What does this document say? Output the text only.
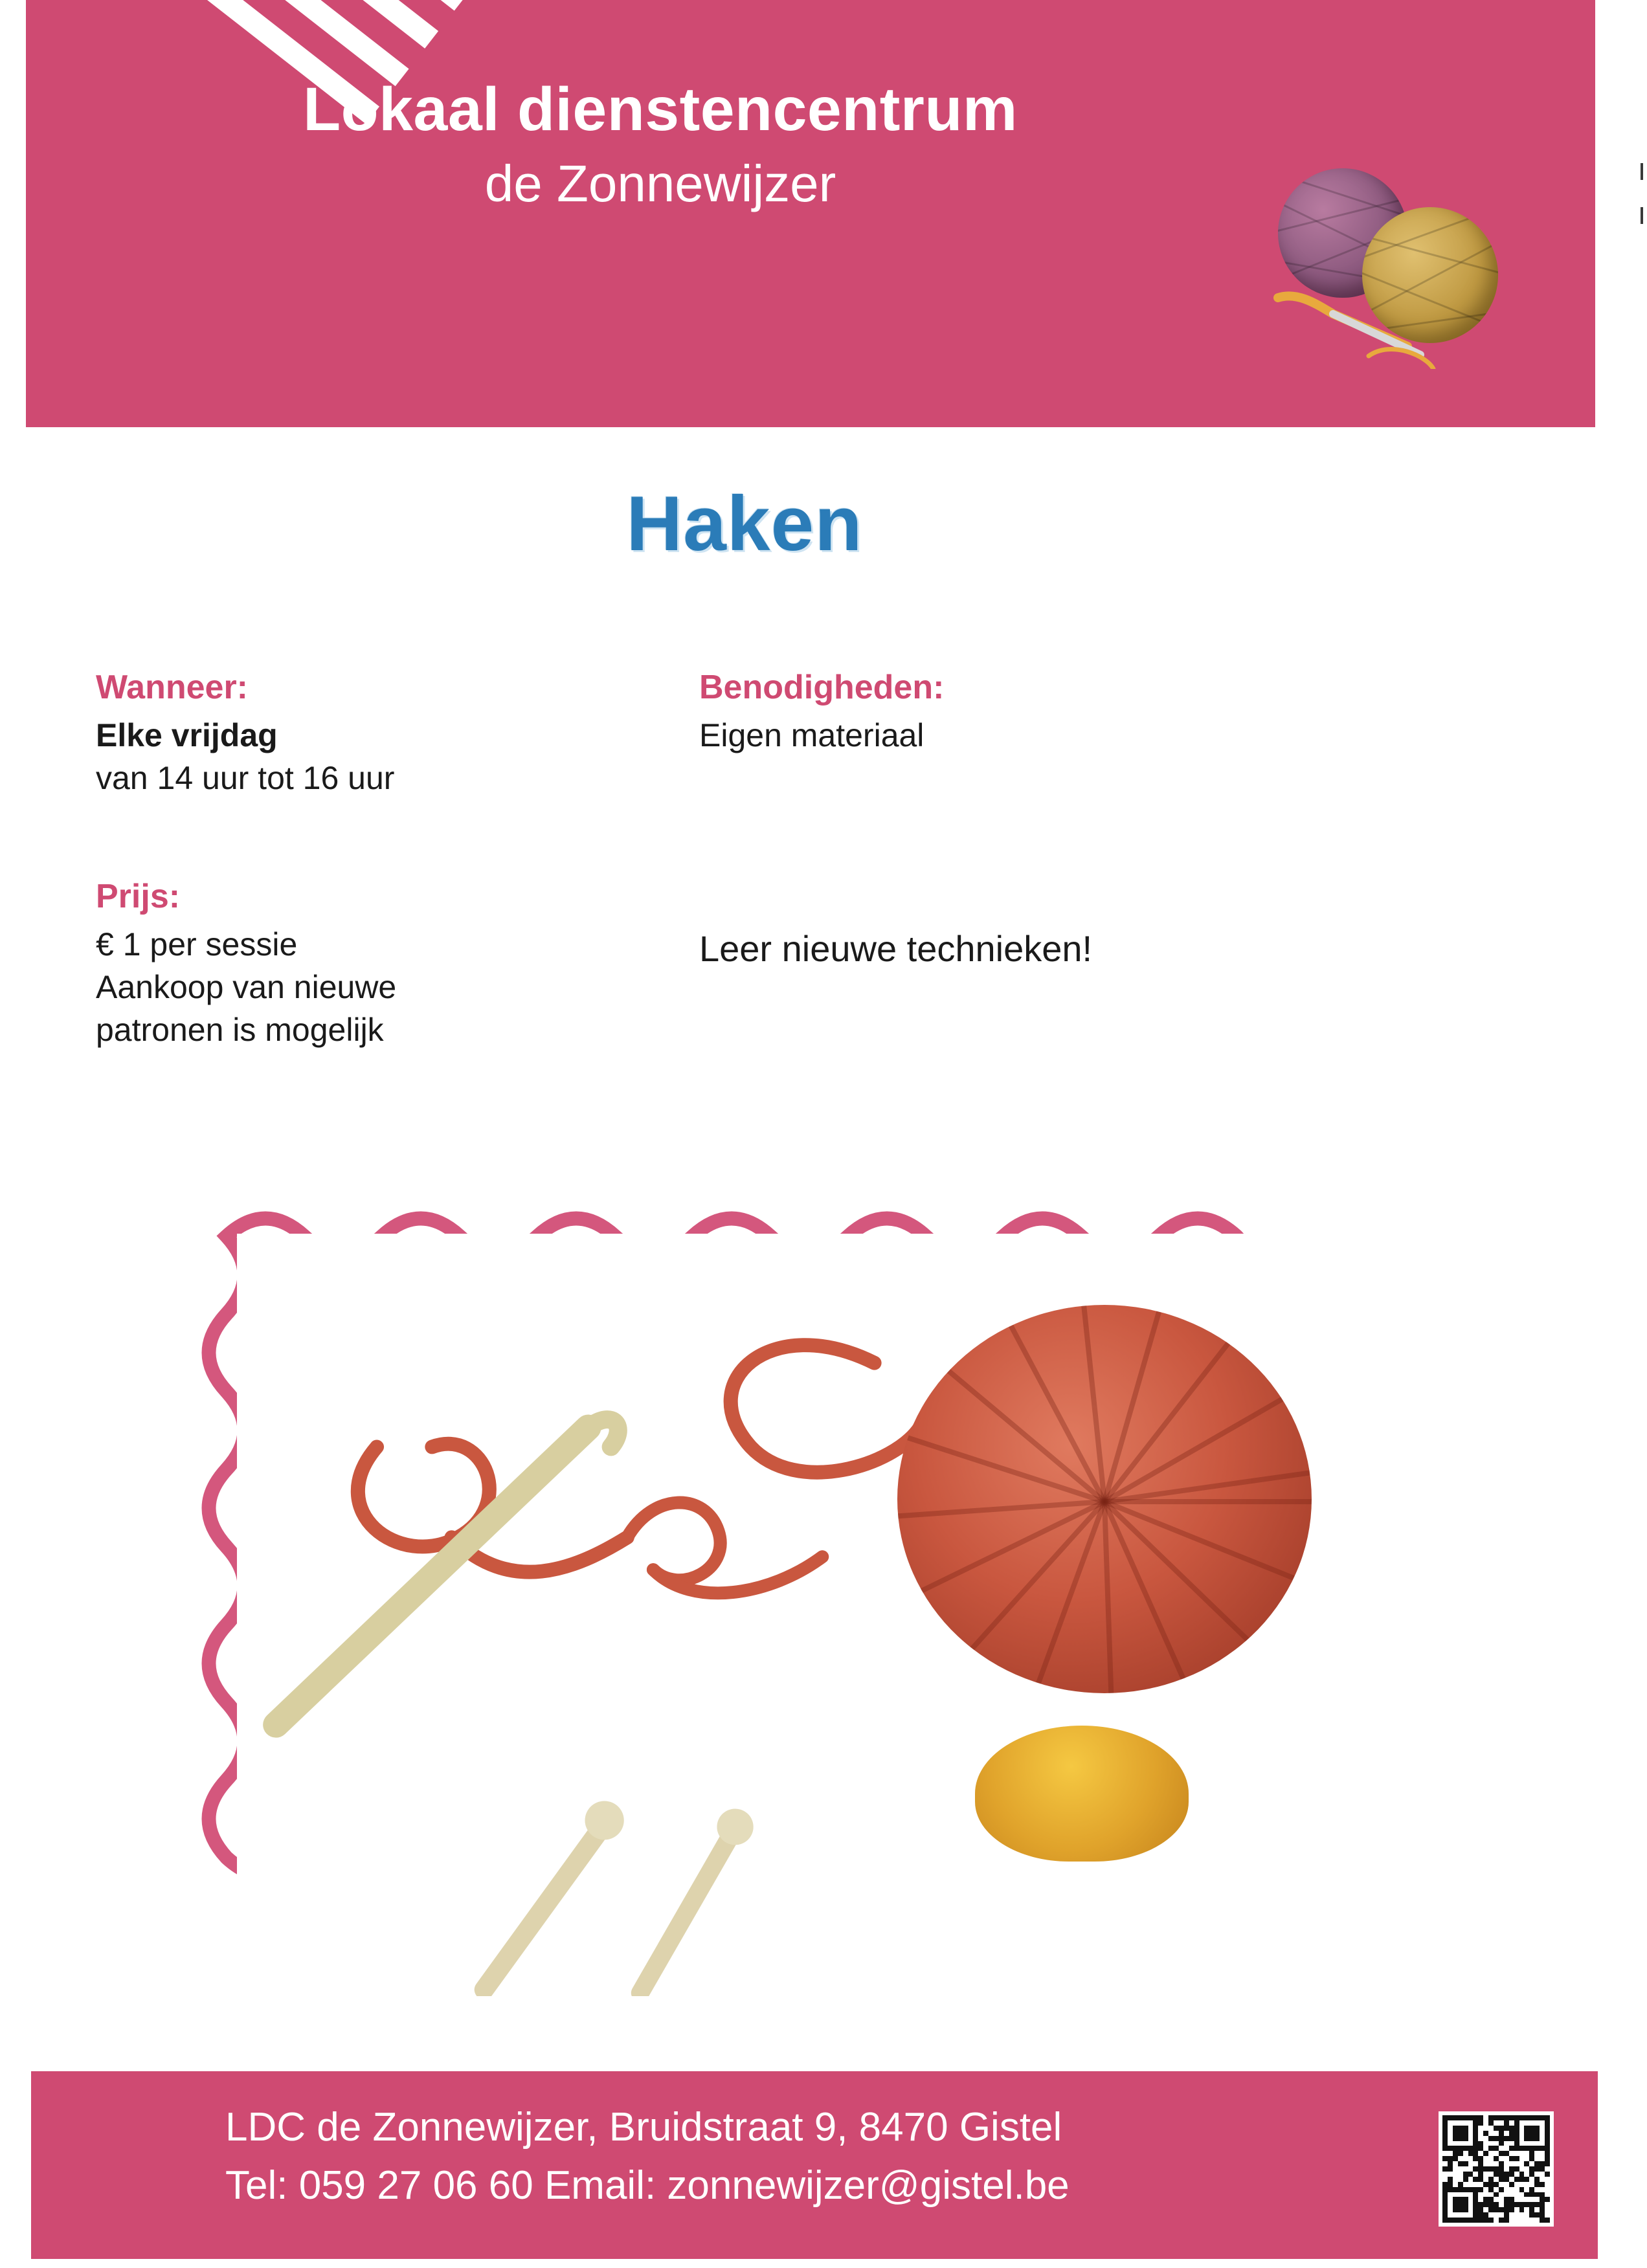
Lokaal dienstencentrum
de Zonnewijzer
Haken

Wanneer:

Elke vrijdag

van 14 uur tot 16 uur

Prijs:

€ 1 per sessie

Aankoop van nieuwe

patronen is mogelijk

Benodigheden:

Eigen materiaal

Leer nieuwe technieken!
LDC de Zonnewijzer, Bruidstraat 9, 8470 Gistel
Tel: 059 27 06 60 Email: zonnewijzer@gistel.be
